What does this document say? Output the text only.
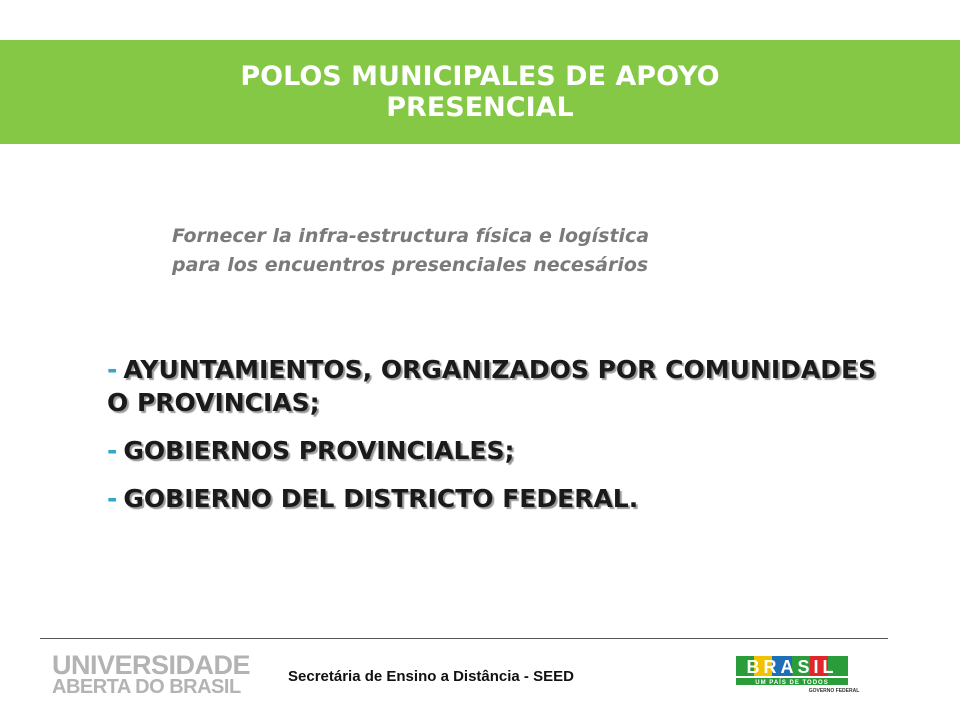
POLOS MUNICIPALES DE APOYO PRESENCIAL
Fornecer la infra-estructura física e logística
para los encuentros presenciales necesários
- AYUNTAMIENTOS, ORGANIZADOS POR COMUNIDADES O PROVINCIAS;
- GOBIERNOS PROVINCIALES;
- GOBIERNO DEL DISTRICTO FEDERAL.
UNIVERSIDADE
ABERTA DO BRASIL	Secretária de Ensino a Distância - SEED	BRASIL
UM PAÍS DE TODOS
GOVERNO FEDERAL
